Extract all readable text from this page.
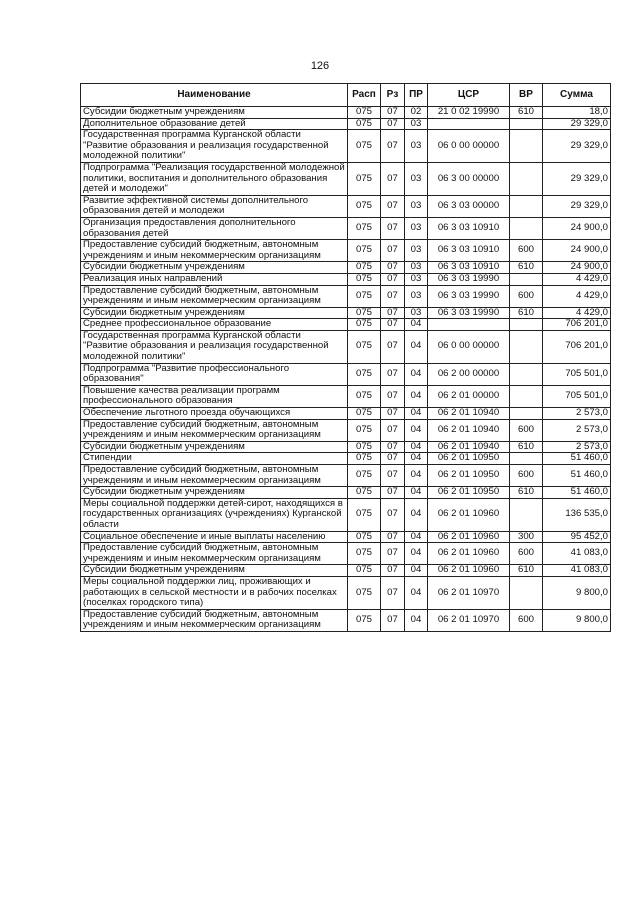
126
Наименование	Расп	Рз	ПР	ЦСР	ВР	Сумма
Субсидии бюджетным учреждениям	075	07	02	21 0 02 19990	610	18,0
Дополнительное образование детей	075	07	03			29 329,0
Государственная программа Курганской области "Развитие образования и реализация государственной молодежной политики"	075	07	03	06 0 00 00000		29 329,0
Подпрограмма "Реализация государственной молодежной политики, воспитания и дополнительного образования детей и молодежи"	075	07	03	06 3 00 00000		29 329,0
Развитие эффективной системы дополнительного образования детей и молодежи	075	07	03	06 3 03 00000		29 329,0
Организация предоставления дополнительного образования детей	075	07	03	06 3 03 10910		24 900,0
Предоставление субсидий бюджетным, автономным учреждениям и иным некоммерческим организациям	075	07	03	06 3 03 10910	600	24 900,0
Субсидии бюджетным учреждениям	075	07	03	06 3 03 10910	610	24 900,0
Реализация иных направлений	075	07	03	06 3 03 19990		4 429,0
Предоставление субсидий бюджетным, автономным учреждениям и иным некоммерческим организациям	075	07	03	06 3 03 19990	600	4 429,0
Субсидии бюджетным учреждениям	075	07	03	06 3 03 19990	610	4 429,0
Среднее профессиональное образование	075	07	04			706 201,0
Государственная программа Курганской области "Развитие образования и реализация государственной молодежной политики"	075	07	04	06 0 00 00000		706 201,0
Подпрограмма "Развитие профессионального образования"	075	07	04	06 2 00 00000		705 501,0
Повышение качества реализации программ профессионального образования	075	07	04	06 2 01 00000		705 501,0
Обеспечение льготного проезда обучающихся	075	07	04	06 2 01 10940		2 573,0
Предоставление субсидий бюджетным, автономным учреждениям и иным некоммерческим организациям	075	07	04	06 2 01 10940	600	2 573,0
Субсидии бюджетным учреждениям	075	07	04	06 2 01 10940	610	2 573,0
Стипендии	075	07	04	06 2 01 10950		51 460,0
Предоставление субсидий бюджетным, автономным учреждениям и иным некоммерческим организациям	075	07	04	06 2 01 10950	600	51 460,0
Субсидии бюджетным учреждениям	075	07	04	06 2 01 10950	610	51 460,0
Меры социальной поддержки детей-сирот, находящихся в государственных организациях (учреждениях) Курганской области	075	07	04	06 2 01 10960		136 535,0
Социальное обеспечение и иные выплаты населению	075	07	04	06 2 01 10960	300	95 452,0
Предоставление субсидий бюджетным, автономным учреждениям и иным некоммерческим организациям	075	07	04	06 2 01 10960	600	41 083,0
Субсидии бюджетным учреждениям	075	07	04	06 2 01 10960	610	41 083,0
Меры социальной поддержки лиц, проживающих и работающих в сельской местности и в рабочих поселках (поселках городского типа)	075	07	04	06 2 01 10970		9 800,0
Предоставление субсидий бюджетным, автономным учреждениям и иным некоммерческим организациям	075	07	04	06 2 01 10970	600	9 800,0
